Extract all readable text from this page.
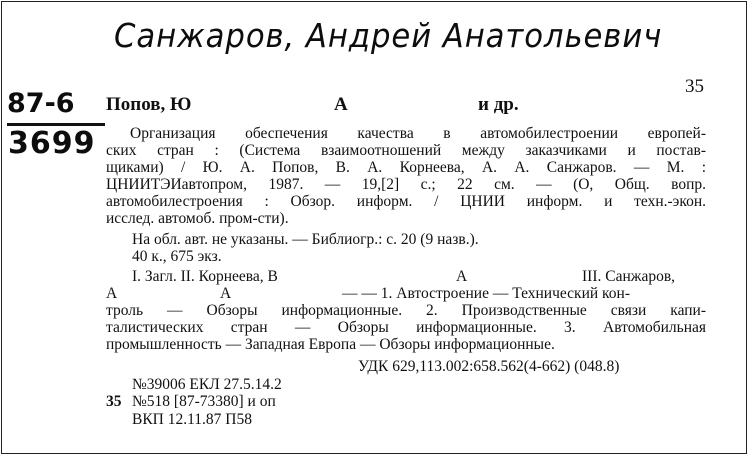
Санжаров, Андрей Анатольевич
87-6
3699
35
Попов, Ю	А	и др.
Организация обеспечения качества в автомобилестроении европей-
ских стран : (Система взаимоотношений между заказчиками и постав-
щиками) / Ю. А. Попов, В. А. Корнеева, А. А. Санжаров. — М. :
ЦНИИТЭИавтопром, 1987. — 19,[2] с.; 22 см. — (О, Общ. вопр.
автомобилестроения : Обзор. информ. / ЦНИИ информ. и техн.-экон.
исслед. автомоб. пром-сти).
На обл. авт. не указаны. — Библиогр.: с. 20 (9 назв.).
40 к., 675 экз.
I. Загл. II. Корнеева, В	А	III. Санжаров,
А	А	— — 1. Автостроение — Технический кон-
троль — Обзоры информационные. 2. Производственные связи капи-
талистических стран — Обзоры информационные. 3. Автомобильная
промышленность — Западная Европа — Обзоры информационные.
УДК 629,113.002:658.562(4-662) (048.8)
№39006 ЕКЛ 27.5.14.2
35 №518 [87-73380] и оп
ВКП 12.11.87 П58
